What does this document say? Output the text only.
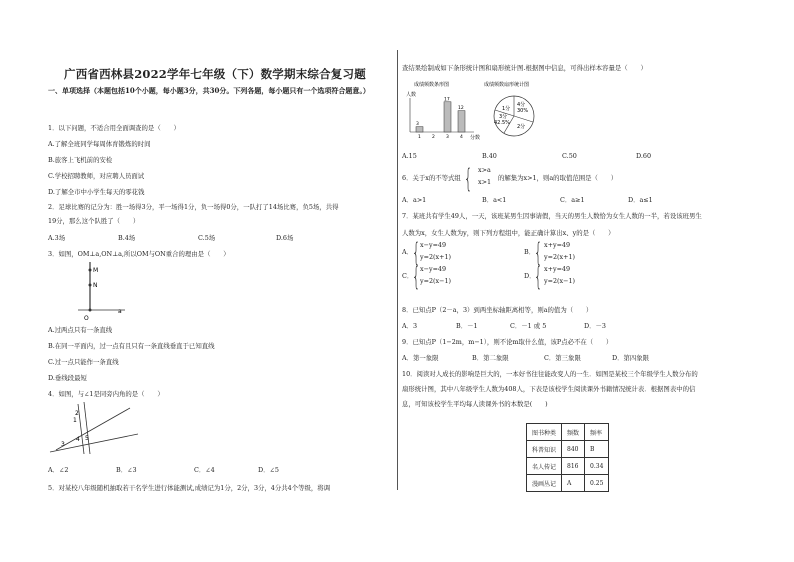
广西省西林县2022学年七年级（下）数学期末综合复习题
一、单项选择（本题包括10个小题，每小题3分，共30分。下列各题，每小题只有一个选项符合题意。）
1．以下问题，不适合用全面调查的是（　　）
A.了解全班同学每周体育锻炼的时间
B.旅客上飞机前的安检
C.学校招聘教师，对应聘人员面试
D.了解全市中小学生每天的零花钱
2．足球比赛的记分为：胜一场得3分，平一场得1分，负一场得0分，一队打了14场比赛，负5场，共得
19分，那么这个队胜了（　　）
A.3场	B.4场	C.5场	D.6场
3．如图，OM⊥a,ON⊥a,所以OM与ON重合的理由是（　　）
M
N
O
a
A.过两点只有一条直线
B.在同一平面内，过一点有且只有一条直线垂直于已知直线
C.过一点只能作一条直线
D.垂线段最短
4．如图，与∠1是同旁内角的是（　　）
1
2
3
4 5
A．∠2	B．∠3	C．∠4	D．∠5
5．对某校八年级随机抽取若干名学生进行体能测试,成绩记为1分，2分，3分，4分共4个等级，将调
查结果绘制成如下条形统计图和扇形统计图.根据图中信息，可得出样本容量是（　　）
成绩频数条形图
人数
3
1 2
17
3
12
4 分数
成绩频数扇形统计图
4分
30%
3分
42.5%
1分
2分
A.15	B.40	C.50	D.60
6．关于x的不等式组 { x>a
x>1 的解集为x>1，则a的取值范围是（　　）
A．a>1	B．a<1	C．a≥1	D．a≤1
7．某班共有学生49人，一天，该班某男生因事请假，当天的男生人数恰为女生人数的一半，若设该班男生
人数为x，女生人数为y，则下列方程组中，能正确计算出x、y的是（　　）
A．
{ x−y=49
y=2(x+1)
B．
{ x+y=49
y=2(x+1)
C．
{ x−y=49
y=2(x−1)
D．
{ x+y=49
y=2(x−1)
8．已知点P（2－a，3）到两坐标轴距离相等，则a的值为（　　）
A．3	B．－1	C．－1 或 5	D．－3
9．已知点P（1−2m，m−1），则不论m取什么值，该P点必不在（　　）
A．第一象限	B．第二象限	C．第三象限	D．第四象限
10．阅读对人成长的影响是巨大的，一本好书往往能改变人的一生．如图是某校三个年级学生人数分布的
扇形统计图，其中八年级学生人数为408人，下表是该校学生阅读课外书籍情况统计表．根据图表中的信
息，可知该校学生平均每人读课外书的本数是(　　)
图书种类	频数	频率
科普知识	840	B
名人传记	816	0.34
漫画丛记	A	0.25
